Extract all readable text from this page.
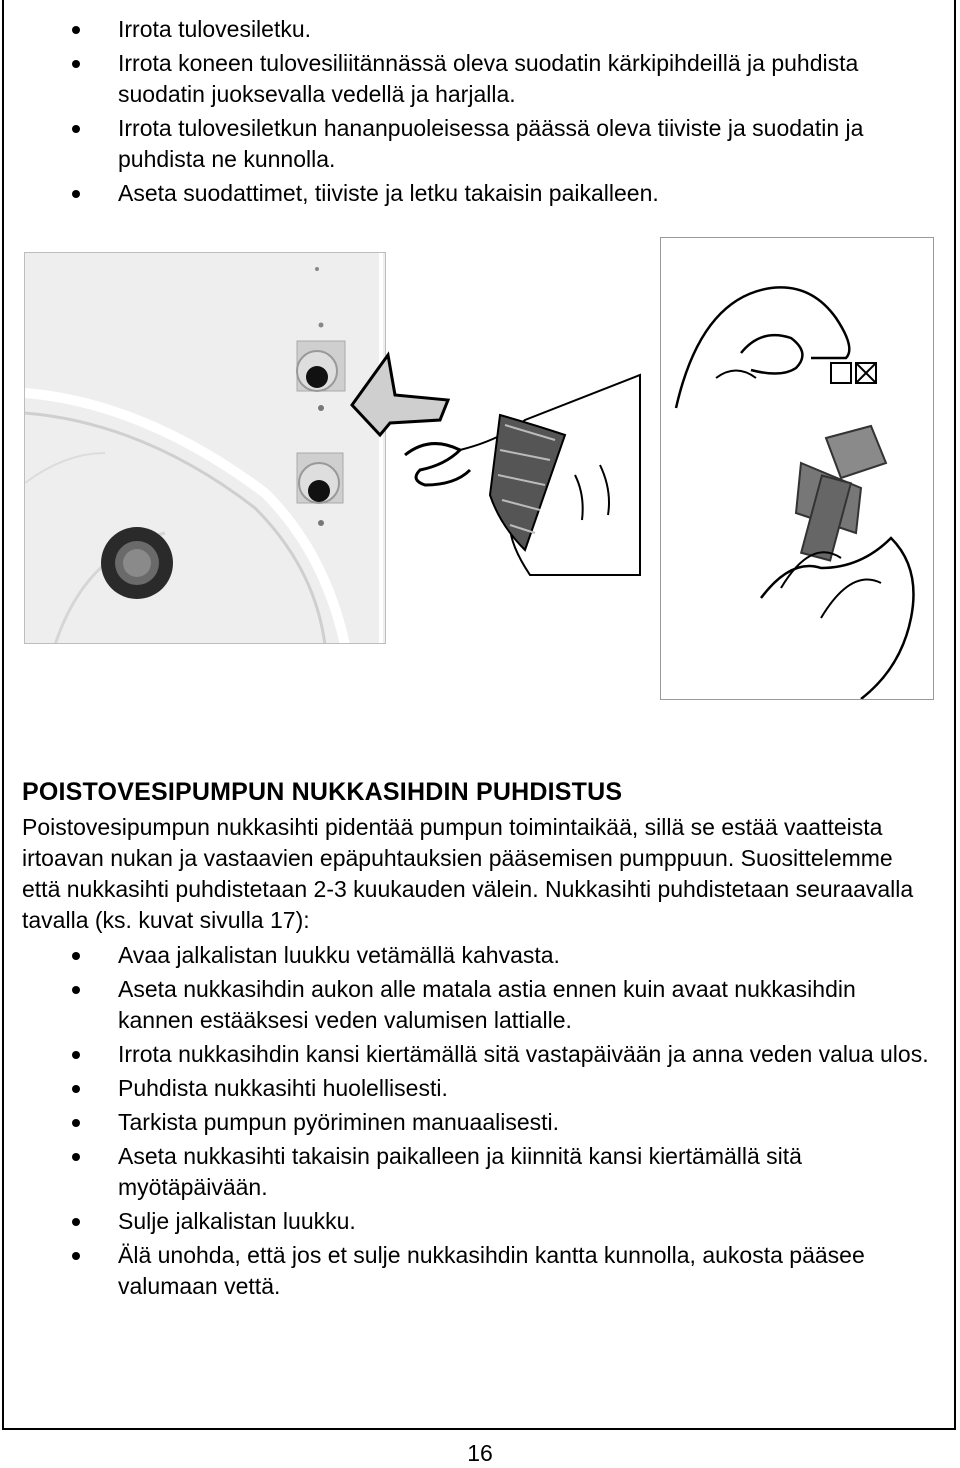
Irrota tulovesiletku.
Irrota koneen tulovesiliitännässä oleva suodatin kärkipihdeillä ja puhdista suodatin juoksevalla vedellä ja harjalla.
Irrota tulovesiletkun hananpuoleisessa päässä oleva tiiviste ja suodatin ja puhdista ne kunnolla.
Aseta suodattimet, tiiviste ja letku takaisin paikalleen.
POISTOVESIPUMPUN NUKKASIHDIN PUHDISTUS

Poistovesipumpun nukkasihti pidentää pumpun toimintaikää, sillä se estää vaatteista irtoavan nukan ja vastaavien epäpuhtauksien pääsemisen pumppuun. Suosittelemme että nukkasihti puhdistetaan 2-3 kuukauden välein. Nukkasihti puhdistetaan seuraavalla tavalla (ks. kuvat sivulla 17):

Avaa jalkalistan luukku vetämällä kahvasta.
Aseta nukkasihdin aukon alle matala astia ennen kuin avaat nukkasihdin kannen estääksesi veden valumisen lattialle.
Irrota nukkasihdin kansi kiertämällä sitä vastapäivään ja anna veden valua ulos.
Puhdista nukkasihti huolellisesti.
Tarkista pumpun pyöriminen manuaalisesti.
Aseta nukkasihti takaisin paikalleen ja kiinnitä kansi kiertämällä sitä myötäpäivään.
Sulje jalkalistan luukku.
Älä unohda, että jos et sulje nukkasihdin kantta kunnolla, aukosta pääsee valumaan vettä.
16
